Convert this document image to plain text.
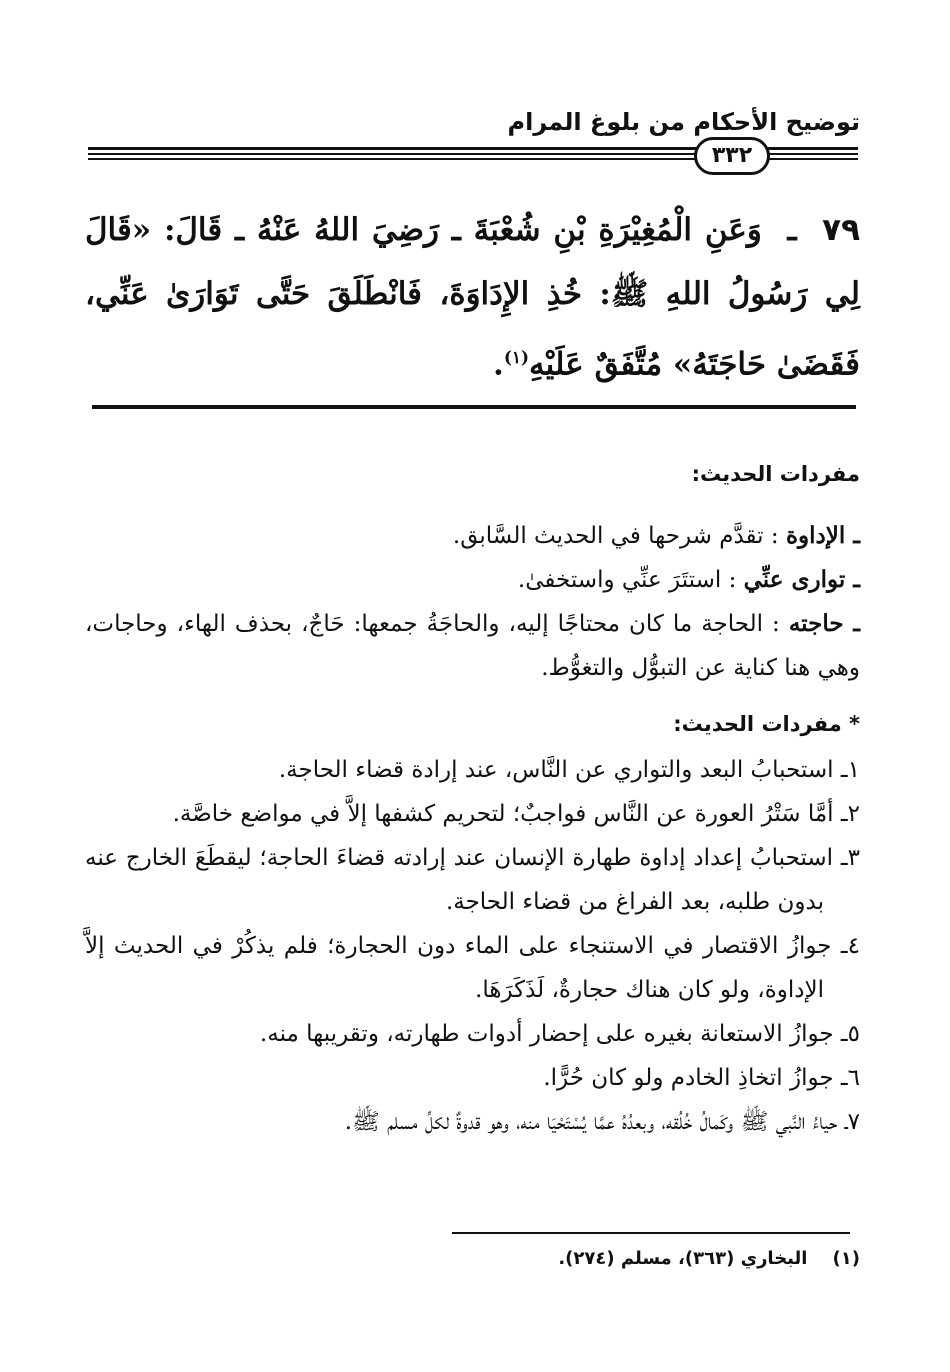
توضيح الأحكام من بلوغ المرام
٣٣٢
٧٩  ـ  وَعَنِ الْمُغِيْرَةِ بْنِ شُعْبَةَ ـ رَضِيَ اللهُ عَنْهُ ـ قَالَ: «قَالَ لِي رَسُولُ اللهِ ﷺ: خُذِ الإِدَاوَةَ، فَانْطَلَقَ حَتَّى تَوَارَىٰ عَنِّي، فَقَضَىٰ حَاجَتَهُ» مُتَّفَقٌ عَلَيْهِ$^{(١)}$.
مفردات الحديث:

ـ الإداوة : تقدَّم شرحها في الحديث السَّابق.

ـ توارى عنِّي : استتَرَ عنِّي واستخفىٰ.

ـ حاجته : الحاجة ما كان محتاجًا إليه، والحاجَةُ جمعها: حَاجٌ، بحذف الهاء، وحاجات، وهي هنا كناية عن التبوُّل والتغوُّط.

* مفردات الحديث:

١ـ استحبابُ البعد والتواري عن النَّاس، عند إرادة قضاء الحاجة.

٢ـ أمَّا سَتْرُ العورة عن النَّاس فواجبٌ؛ لتحريم كشفها إلاَّ في مواضع خاصَّة.

٣ـ استحبابُ إعداد إداوة طهارة الإنسان عند إرادته قضاءَ الحاجة؛ ليقطَعَ الخارج عنه بدون طلبه، بعد الفراغ من قضاء الحاجة.

٤ـ جوازُ الاقتصار في الاستنجاء على الماء دون الحجارة؛ فلم يذكُرْ في الحديث إلاَّ الإداوة، ولو كان هناك حجارةٌ، لَذَكَرَهَا.

٥ـ جوازُ الاستعانة بغيره على إحضار أدوات طهارته، وتقريبها منه.

٦ـ جوازُ اتخاذِ الخادم ولو كان حُرًّا.

٧ـ حياءُ النَّبي ﷺ وكَمالُ خُلُقه، وبعدُهُ عمَّا يُسْتَحْيَا منه، وهو قدوةٌ لكلِّ مسلم ﷺ.

(١)    البخاري (٣٦٣)، مسلم (٢٧٤).
